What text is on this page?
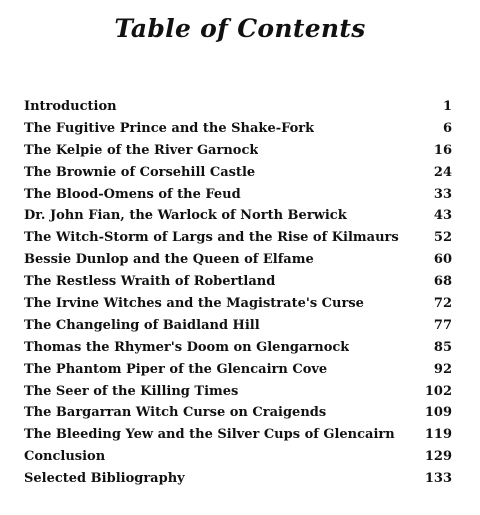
Table of Contents
Introduction	1
The Fugitive Prince and the Shake-Fork	6
The Kelpie of the River Garnock	16
The Brownie of Corsehill Castle	24
The Blood-Omens of the Feud	33
Dr. John Fian, the Warlock of North Berwick	43
The Witch-Storm of Largs and the Rise of Kilmaurs	52
Bessie Dunlop and the Queen of Elfame	60
The Restless Wraith of Robertland	68
The Irvine Witches and the Magistrate's Curse	72
The Changeling of Baidland Hill	77
Thomas the Rhymer's Doom on Glengarnock	85
The Phantom Piper of the Glencairn Cove	92
The Seer of the Killing Times	102
The Bargarran Witch Curse on Craigends	109
The Bleeding Yew and the Silver Cups of Glencairn	119
Conclusion	129
Selected Bibliography	133
